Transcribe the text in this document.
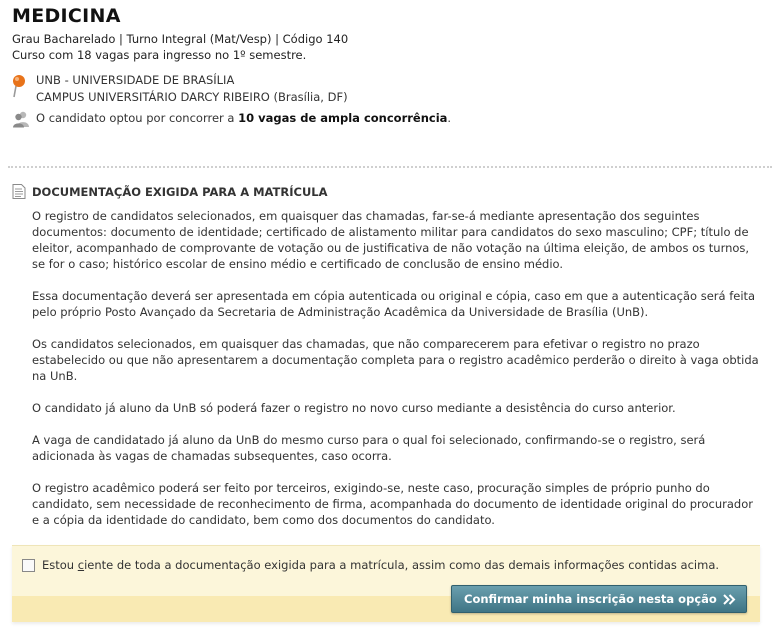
MEDICINA
Grau Bacharelado | Turno Integral (Mat/Vesp) | Código 140
Curso com 18 vagas para ingresso no 1º semestre.
UNB - UNIVERSIDADE DE BRASÍLIA
CAMPUS UNIVERSITÁRIO DARCY RIBEIRO (Brasília, DF)
O candidato optou por concorrer a 10 vagas de ampla concorrência.
DOCUMENTAÇÃO EXIGIDA PARA A MATRÍCULA

O registro de candidatos selecionados, em quaisquer das chamadas, far-se-á mediante apresentação dos seguintes documentos: documento de identidade; certificado de alistamento militar para candidatos do sexo masculino; CPF; título de eleitor, acompanhado de comprovante de votação ou de justificativa de não votação na última eleição, de ambos os turnos, se for o caso; histórico escolar de ensino médio e certificado de conclusão de ensino médio.

Essa documentação deverá ser apresentada em cópia autenticada ou original e cópia, caso em que a autenticação será feita pelo próprio Posto Avançado da Secretaria de Administração Acadêmica da Universidade de Brasília (UnB).

Os candidatos selecionados, em quaisquer das chamadas, que não comparecerem para efetivar o registro no prazo estabelecido ou que não apresentarem a documentação completa para o registro acadêmico perderão o direito à vaga obtida na UnB.

O candidato já aluno da UnB só poderá fazer o registro no novo curso mediante a desistência do curso anterior.

A vaga de candidatado já aluno da UnB do mesmo curso para o qual foi selecionado, confirmando-se o registro, será adicionada às vagas de chamadas subsequentes, caso ocorra.

O registro acadêmico poderá ser feito por terceiros, exigindo-se, neste caso, procuração simples de próprio punho do candidato, sem necessidade de reconhecimento de firma, acompanhada do documento de identidade original do procurador e a cópia da identidade do candidato, bem como dos documentos do candidato.

Estou ciente de toda a documentação exigida para a matrícula, assim como das demais informações contidas acima.
Confirmar minha inscrição nesta opção
